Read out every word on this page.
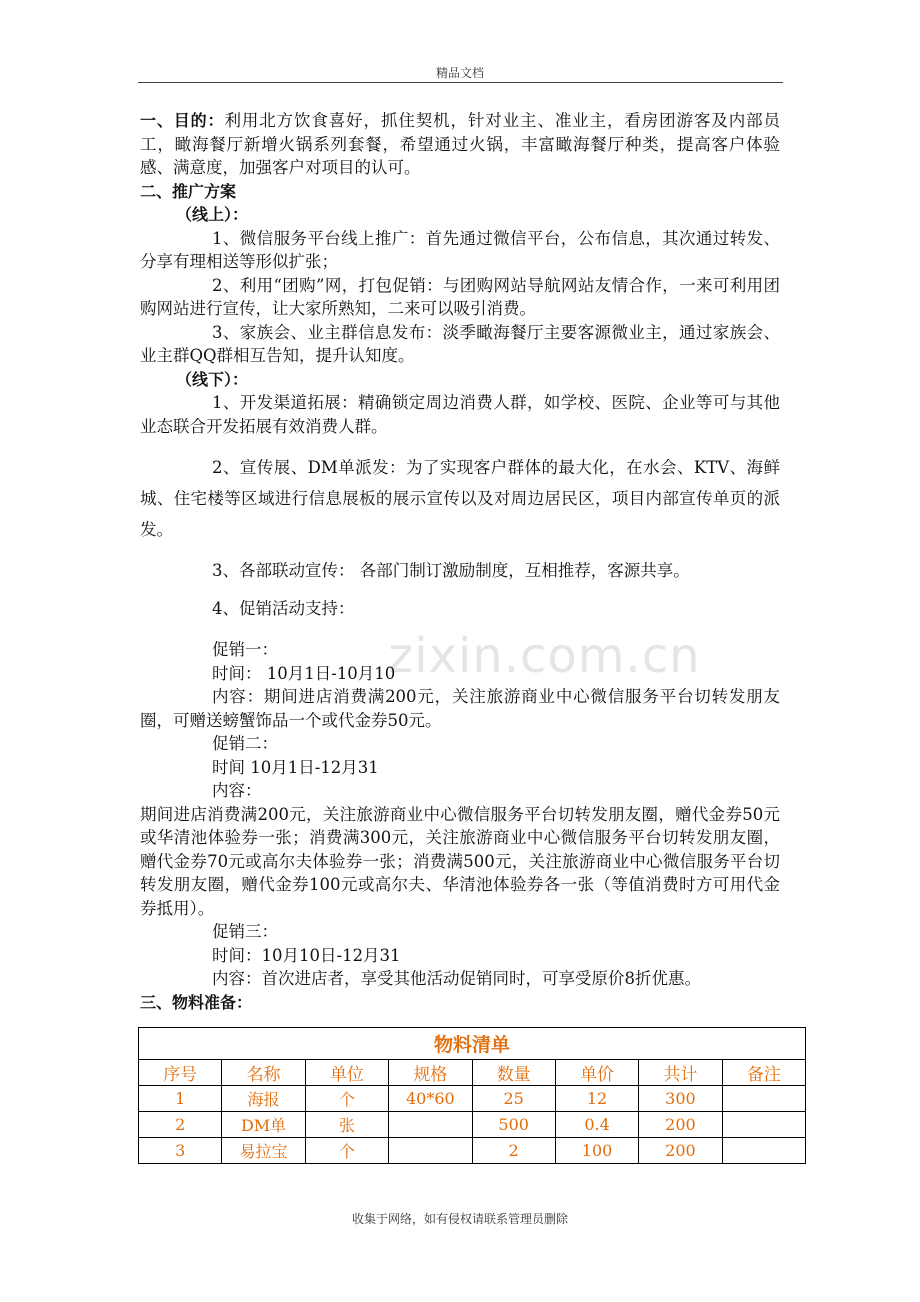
精品文档
zixin.com.cn

一、目的：利用北方饮食喜好，抓住契机，针对业主、准业主，看房团游客及内部员工，瞰海餐厅新增火锅系列套餐，希望通过火锅，丰富瞰海餐厅种类，提高客户体验感、满意度，加强客户对项目的认可。

二、推广方案

（线上）：

1、微信服务平台线上推广：首先通过微信平台，公布信息，其次通过转发、分享有理相送等形似扩张；

2、利用“团购”网，打包促销：与团购网站导航网站友情合作，一来可利用团购网站进行宣传，让大家所熟知，二来可以吸引消费。

3、家族会、业主群信息发布：淡季瞰海餐厅主要客源微业主，通过家族会、业主群QQ群相互告知，提升认知度。

（线下）：

1、开发渠道拓展：精确锁定周边消费人群，如学校、医院、企业等可与其他业态联合开发拓展有效消费人群。

2、宣传展、DM单派发：为了实现客户群体的最大化，在水会、KTV、海鲜城、住宅楼等区域进行信息展板的展示宣传以及对周边居民区，项目内部宣传单页的派发。

3、各部联动宣传： 各部门制订激励制度，互相推荐，客源共享。

4、促销活动支持：

促销一：

时间： 10月1日-10月10

内容：期间进店消费满200元，关注旅游商业中心微信服务平台切转发朋友圈，可赠送螃蟹饰品一个或代金券50元。

促销二：

时间 10月1日-12月31

内容：

期间进店消费满200元，关注旅游商业中心微信服务平台切转发朋友圈，赠代金券50元或华清池体验券一张；消费满300元，关注旅游商业中心微信服务平台切转发朋友圈，赠代金券70元或高尔夫体验券一张；消费满500元，关注旅游商业中心微信服务平台切转发朋友圈，赠代金券100元或高尔夫、华清池体验券各一张（等值消费时方可用代金券抵用）。

促销三：

时间：10月10日-12月31

内容：首次进店者，享受其他活动促销同时，可享受原价8折优惠。

三、物料准备：

物料清单							
序号	名称	单位	规格	数量	单价	共计	备注
1	海报	个	40*60	25	12	300	
2	DM单	张		500	0.4	200	
3	易拉宝	个		2	100	200	
收集于网络，如有侵权请联系管理员删除
